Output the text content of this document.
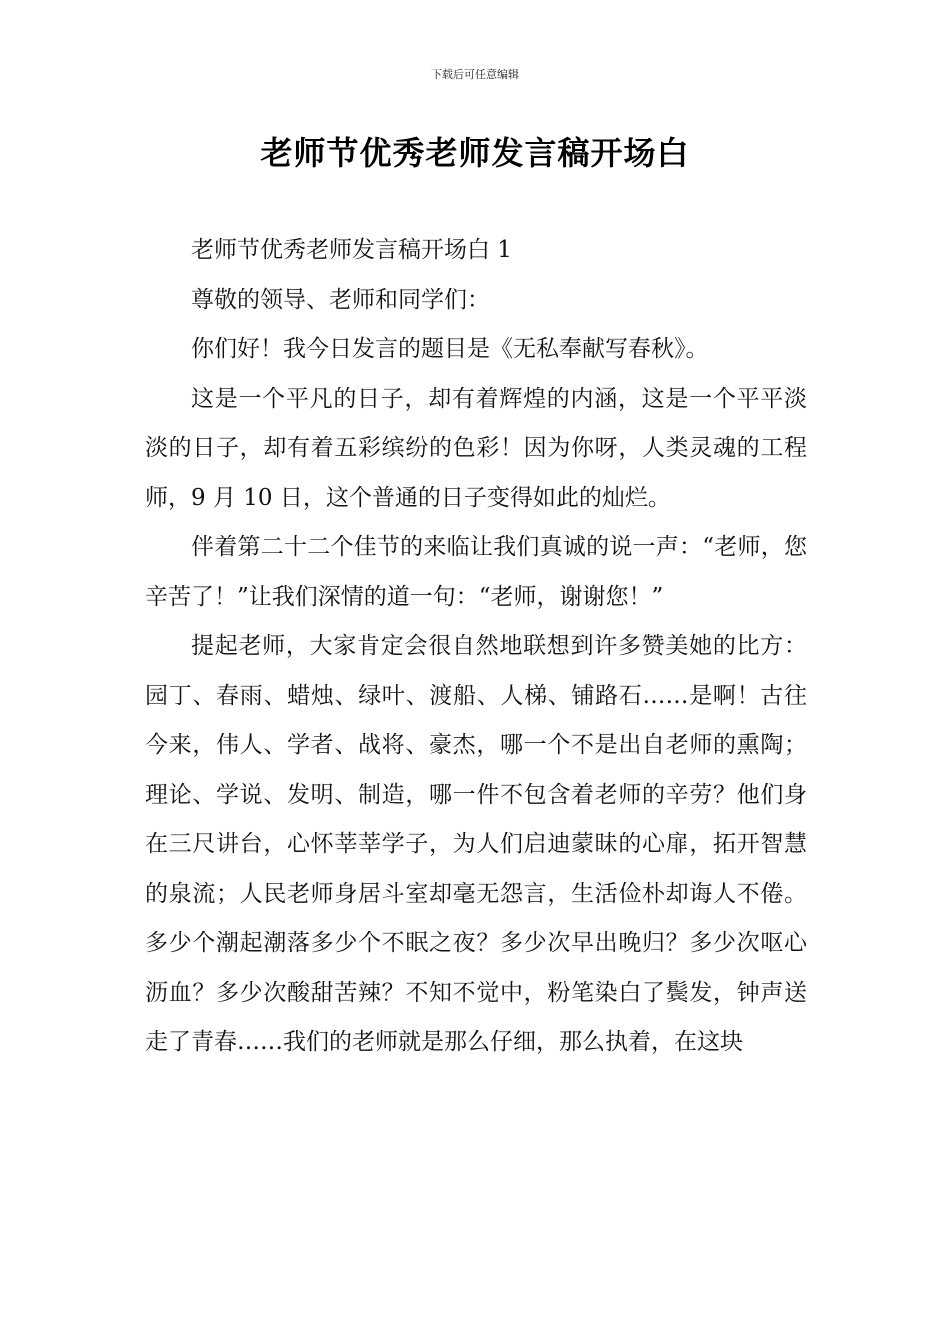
下载后可任意编辑
老师节优秀老师发言稿开场白

老师节优秀老师发言稿开场白 1

尊敬的领导、老师和同学们：

你们好！我今日发言的题目是《无私奉献写春秋》。

这是一个平凡的日子，却有着辉煌的内涵，这是一个平平淡淡的日子，却有着五彩缤纷的色彩！因为你呀，人类灵魂的工程师，9 月 10 日，这个普通的日子变得如此的灿烂。

伴着第二十二个佳节的来临让我们真诚的说一声：“老师，您辛苦了！”让我们深情的道一句：“老师，谢谢您！”

提起老师，大家肯定会很自然地联想到许多赞美她的比方：园丁、春雨、蜡烛、绿叶、渡船、人梯、铺路石……是啊！古往今来，伟人、学者、战将、豪杰，哪一个不是出自老师的熏陶；理论、学说、发明、制造，哪一件不包含着老师的辛劳？他们身在三尺讲台，心怀莘莘学子，为人们启迪蒙昧的心扉，拓开智慧的泉流；人民老师身居斗室却毫无怨言，生活俭朴却诲人不倦。多少个潮起潮落多少个不眠之夜？多少次早出晚归？多少次呕心沥血？多少次酸甜苦辣？不知不觉中，粉笔染白了鬓发，钟声送走了青春……我们的老师就是那么仔细，那么执着，在这块
